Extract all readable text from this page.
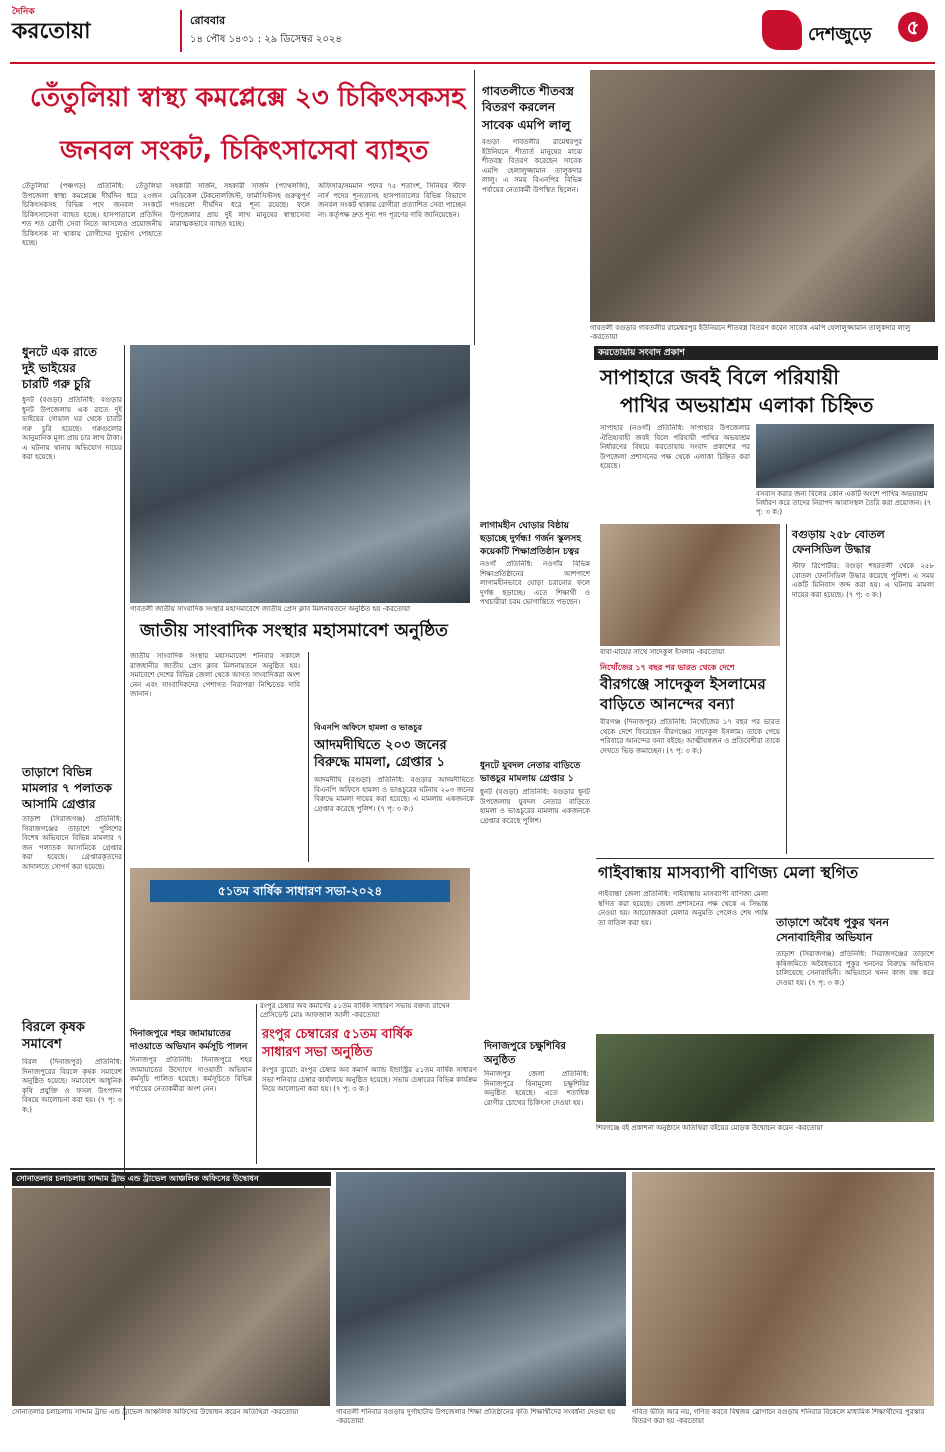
দৈনিক
করতোয়া	রোববার
১৪ পৌষ ১৪৩১ : ২৯ ডিসেম্বর ২০২৪	দেশজুড়ে	৫
তেঁতুলিয়া স্বাস্থ্য কমপ্লেক্সে ২৩ চিকিৎসকসহ
জনবল সংকট, চিকিৎসাসেবা ব্যাহত
তেঁতুলিয়া (পঞ্চগড়) প্রতিনিধি: তেঁতুলিয়া উপজেলা স্বাস্থ্য কমপ্লেক্সে দীর্ঘদিন ধরে ২৩জন চিকিৎসকসহ বিভিন্ন পদে জনবল সংকটে চিকিৎসাসেবা ব্যাহত হচ্ছে। হাসপাতালে প্রতিদিন শত শত রোগী সেবা নিতে আসলেও প্রয়োজনীয় চিকিৎসক না থাকায় রোগীদের দুর্ভোগ পোহাতে হচ্ছে।
সহকারী সার্জন, সহকারী সার্জন (প্যাথলজি), মেডিকেল টেকনোলজিস্ট, ফার্মাসিস্টসহ গুরুত্বপূর্ণ পদগুলো দীর্ঘদিন ধরে শূন্য রয়েছে। ফলে উপজেলার প্রায় দুই লাখ মানুষের স্বাস্থ্যসেবা মারাত্মকভাবে ব্যাহত হচ্ছে।
অফিসার/সমমান পদের ৭৫ শতাংশ, সিনিয়র স্টাফ নার্স পদের শূন্যতাসহ হাসপাতালের বিভিন্ন বিভাগে জনবল সংকট থাকায় রোগীরা প্রত্যাশিত সেবা পাচ্ছেন না। কর্তৃপক্ষ দ্রুত শূন্য পদ পূরণের দাবি জানিয়েছেন।
গাবতলীতে শীতবস্ত্র
বিতরণ করলেন
সাবেক এমপি লালু
বগুড়া গাবতলীর রামেশ্বরপুর ইউনিয়নে শীতার্ত মানুষের মাঝে শীতবস্ত্র বিতরণ করেছেন সাবেক এমপি হেলালুজ্জামান তালুকদার লালু। এ সময় বিএনপির বিভিন্ন পর্যায়ের নেতাকর্মী উপস্থিত ছিলেন।
গাবতলী বগুড়ার গাবতলীর রামেশ্বরপুর ইউনিয়নে শীতবস্ত্র বিতরণ করেন সাবেক এমপি হেলালুজ্জামান তালুকদার লালু -করতোয়া
গাবতলী জাতীয় সাংবাদিক সংস্থার মহাসমাবেশে জাতীয় প্রেস ক্লাব মিলনায়তনে অনুষ্ঠিত হয় -করতোয়া
জাতীয় সাংবাদিক সংস্থার মহাসমাবেশ অনুষ্ঠিত
জাতীয় সাংবাদিক সংস্থার মহাসমাবেশ শনিবার সকালে রাজধানীর জাতীয় প্রেস ক্লাব মিলনায়তনে অনুষ্ঠিত হয়। সমাবেশে দেশের বিভিন্ন জেলা থেকে আগত সাংবাদিকরা অংশ নেন এবং সাংবাদিকদের পেশাগত নিরাপত্তা নিশ্চিতের দাবি জানান।
ধুনটে এক রাতে
দুই ভাইয়ের
চারটি গরু চুরি
ধুনট (বগুড়া) প্রতিনিধি: বগুড়ার ধুনট উপজেলায় এক রাতে দুই ভাইয়ের গোয়াল ঘর থেকে চারটি গরু চুরি হয়েছে। গরুগুলোর আনুমানিক মূল্য প্রায় চার লাখ টাকা। এ ঘটনায় থানায় অভিযোগ দায়ের করা হয়েছে।
তাড়াশে বিভিন্ন
মামলার ৭ পলাতক
আসামি গ্রেপ্তার
তাড়াশ (সিরাজগঞ্জ) প্রতিনিধি: সিরাজগঞ্জের তাড়াশে পুলিশের বিশেষ অভিযানে বিভিন্ন মামলার ৭ জন পলাতক আসামিকে গ্রেপ্তার করা হয়েছে। গ্রেপ্তারকৃতদের আদালতে সোপর্দ করা হয়েছে।
বিরলে কৃষক
সমাবেশ
বিরল (দিনাজপুর) প্রতিনিধি: দিনাজপুরের বিরলে কৃষক সমাবেশ অনুষ্ঠিত হয়েছে। সমাবেশে আধুনিক কৃষি প্রযুক্তি ও ফসল উৎপাদন বিষয়ে আলোচনা করা হয়। (৭ পৃ: ৩ ক:)
লাগামহীন ঘোড়ার বিষ্ঠায়
ছড়াচ্ছে দুর্গন্ধ! গর্জন স্কুলসহ
কয়েকটি শিক্ষাপ্রতিষ্ঠান চত্বর
নওগাঁ প্রতিনিধি: নওগাঁর বিভিন্ন শিক্ষাপ্রতিষ্ঠানের আশপাশে লাগামহীনভাবে ঘোড়া চরানোর ফলে দুর্গন্ধ ছড়াচ্ছে। এতে শিক্ষার্থী ও পথচারীরা চরম ভোগান্তিতে পড়ছেন।
বিএনপি অফিসে হামলা ও ভাঙচুর
আদমদীঘিতে ২০৩ জনের
বিরুদ্ধে মামলা, গ্রেপ্তার ১
আদমদীঘি (বগুড়া) প্রতিনিধি: বগুড়ার আদমদীঘিতে বিএনপি অফিসে হামলা ও ভাঙচুরের ঘটনায় ২০৩ জনের বিরুদ্ধে মামলা দায়ের করা হয়েছে। এ মামলায় একজনকে গ্রেপ্তার করেছে পুলিশ। (৭ পৃ: ৩ ক:)
ধুনটে যুবদল নেতার বাড়িতে
ভাঙচুর মামলায় গ্রেপ্তার ১
ধুনট (বগুড়া) প্রতিনিধি: বগুড়ার ধুনট উপজেলায় যুবদল নেতার বাড়িতে হামলা ও ভাঙচুরের মামলায় একজনকে গ্রেপ্তার করেছে পুলিশ।
৫১তম বার্ষিক সাধারণ সভা-২০২৪
রংপুর চেম্বার অব কমার্সের ৫১তম বার্ষিক সাধারণ সভায় বক্তব্য রাখেন প্রেসিডেন্ট মোঃ আফজাল আলী -করতোয়া
রংপুর চেম্বারের ৫১তম বার্ষিক
সাধারণ সভা অনুষ্ঠিত
রংপুর ব্যুরো: রংপুর চেম্বার অব কমার্স অ্যান্ড ইন্ডাস্ট্রির ৫১তম বার্ষিক সাধারণ সভা শনিবার চেম্বার কার্যালয়ে অনুষ্ঠিত হয়েছে। সভায় চেম্বারের বিভিন্ন কার্যক্রম নিয়ে আলোচনা করা হয়। (৭ পৃ: ৩ ক:)
দিনাজপুরে শহর জামায়াতের
দাওয়াতে অভিযান কর্মসূচি পালন
দিনাজপুর প্রতিনিধি: দিনাজপুরে শহর জামায়াতের উদ্যোগে দাওয়াতী অভিযান কর্মসূচি পালিত হয়েছে। কর্মসূচিতে বিভিন্ন পর্যায়ের নেতাকর্মীরা অংশ নেন।
দিনাজপুরে চক্ষুশিবির
অনুষ্ঠিত
দিনাজপুর জেলা প্রতিনিধি: দিনাজপুরে বিনামূল্যে চক্ষুশিবির অনুষ্ঠিত হয়েছে। এতে শতাধিক রোগীর চোখের চিকিৎসা দেওয়া হয়।
করতোয়ায় সংবাদ প্রকাশ
সাপাহারে জবই বিলে পরিযায়ী
পাখির অভয়াশ্রম এলাকা চিহ্নিত
সাপাহার (নওগাঁ) প্রতিনিধি: সাপাহার উপজেলার ঐতিহ্যবাহী জবই বিলে পরিযায়ী পাখির অভয়াশ্রম নির্ধারণের বিষয়ে করতোয়ায় সংবাদ প্রকাশের পর উপজেলা প্রশাসনের পক্ষ থেকে এলাকা চিহ্নিত করা হয়েছে।
বসবাস করার জন্য বিলের কোন একটি অংশে পাখির অভয়াশ্রম নির্ধারণ করে তাদের নিরাপদ আবাসস্থল তৈরি করা প্রয়োজন। (৭ পৃ: ৩ ক:)
বাবা-মায়ের সাথে সাদেকুল ইসলাম -করতোয়া
নিখোঁজের ১৭ বছর পর ভারত থেকে দেশে
বীরগঞ্জে সাদেকুল ইসলামের
বাড়িতে আনন্দের বন্যা
বীরগঞ্জ (দিনাজপুর) প্রতিনিধি: নিখোঁজের ১৭ বছর পর ভারত থেকে দেশে ফিরেছেন বীরগঞ্জের সাদেকুল ইসলাম। তাকে পেয়ে পরিবারে আনন্দের বন্যা বইছে। আত্মীয়স্বজন ও প্রতিবেশীরা তাকে দেখতে ভিড় জমাচ্ছেন। (৭ পৃ: ৩ ক:)
বগুড়ায় ২৫৮ বোতল
ফেনসিডিল উদ্ধার
স্টাফ রিপোর্টার: বগুড়া শহরতলী থেকে ২৫৮ বোতল ফেনসিডিল উদ্ধার করেছে পুলিশ। এ সময় একটি মিনিবাস জব্দ করা হয়। এ ঘটনায় মামলা দায়ের করা হয়েছে। (৭ পৃ: ৩ ক:)
গাইবান্ধায় মাসব্যাপী বাণিজ্য মেলা স্থগিত
গাইবান্ধা জেলা প্রতিনিধি: গাইবান্ধায় মাসব্যাপী বাণিজ্য মেলা স্থগিত করা হয়েছে। জেলা প্রশাসনের পক্ষ থেকে এ সিদ্ধান্ত নেওয়া হয়। আয়োজকরা মেলার অনুমতি পেলেও শেষ পর্যন্ত তা বাতিল করা হয়।	তাড়াশে অবৈধ পুকুর খনন
সেনাবাহিনীর অভিযান
তাড়াশ (সিরাজগঞ্জ) প্রতিনিধি: সিরাজগঞ্জের তাড়াশে কৃষিজমিতে অবৈধভাবে পুকুর খননের বিরুদ্ধে অভিযান চালিয়েছে সেনাবাহিনী। অভিযানে খনন কাজ বন্ধ করে দেওয়া হয়। (৭ পৃ: ৩ ক:)
শিবগঞ্জে বই প্রকাশনা অনুষ্ঠানে অতিথিরা বইয়ের মোড়ক উন্মোচন করেন -করতোয়া
সোনাতলার চলাচলায় সাদ্দাম ট্রাভ এন্ড ট্রাভেল আঞ্চলিক অফিসের উদ্বোধন
সোনাতলার চলাচলায় সাদ্দাম ট্রাভ এন্ড ট্রাভেল আঞ্চলিক অফিসের উদ্বোধন করেন অতিথিরা -করতোয়া	গাবতলী শনিবার বগুড়ায় দুর্গাহাটায় উপজেলার শিক্ষা প্রতিষ্ঠানের কৃতি শিক্ষার্থীদের সংবর্ধনা দেওয়া হয় -করতোয়া
গবিত ভীতি আর নয়, গণিত করবে বিশ্বজয় স্লোগানে বগুড়ায় শনিবার বিকেলে মাধ্যমিক শিক্ষার্থীদের পুরস্কার বিতরণ করা হয় -করতোয়া
